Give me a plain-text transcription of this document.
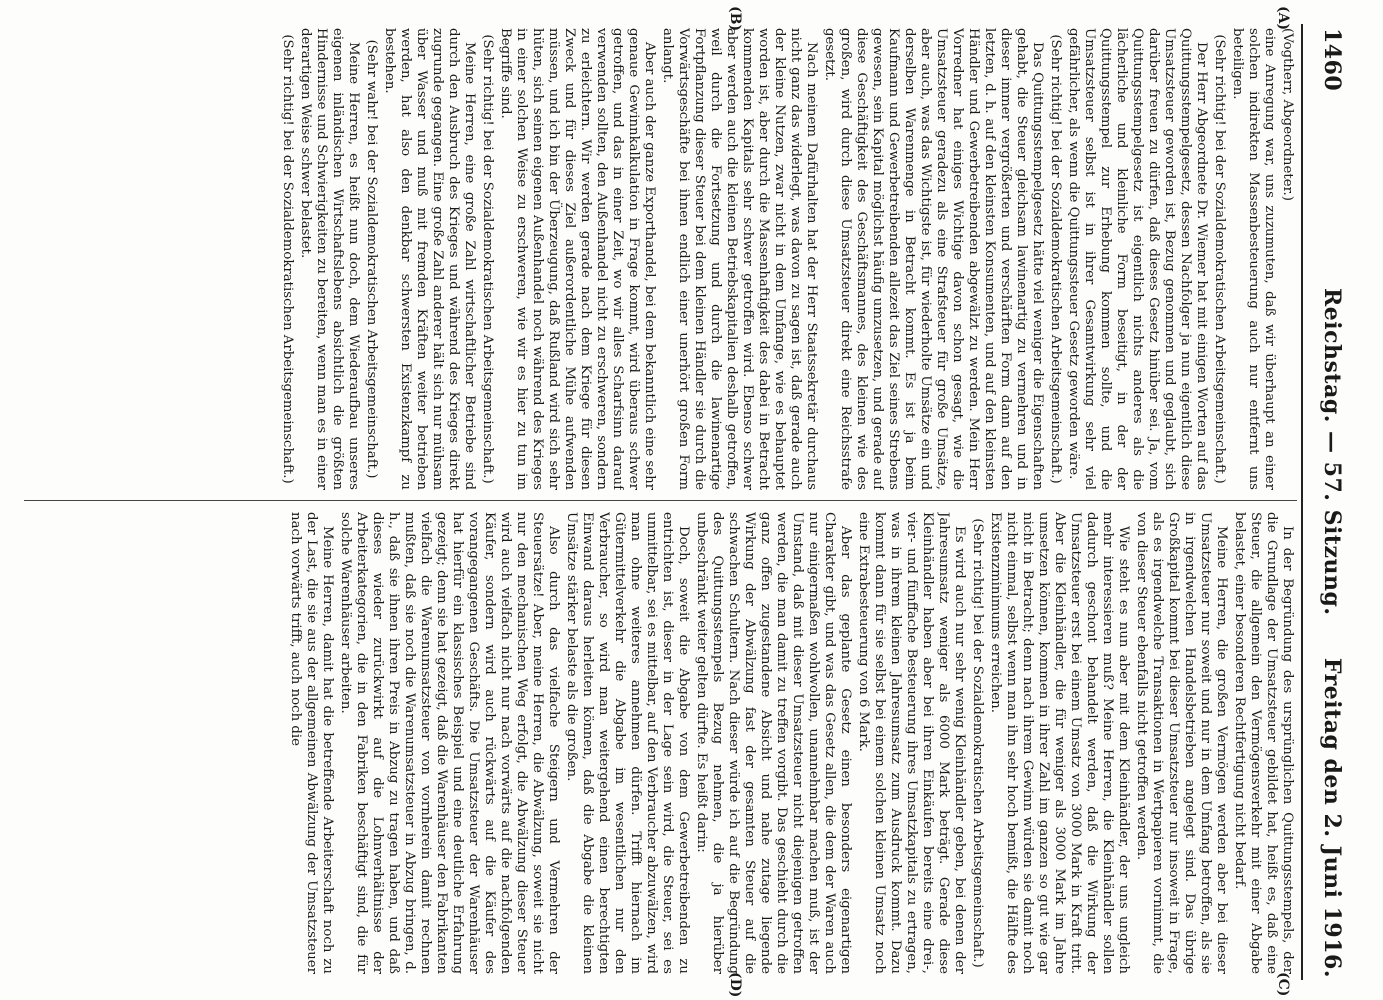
1460
Reichstag. — 57. Sitzung.
Freitag den 2. Juni 1916.
(A)
(B)
(C)
(D)

(Vogtherr, Abgeordneter.)

eine Anregung war, uns zuzumuten, daß wir überhaupt an einer solchen indirekten Massenbesteuerung auch nur entfernt uns beteiligen.

(Sehr richtig! bei der Sozialdemokratischen Arbeitsgemeinschaft.)

Der Herr Abgeordnete Dr. Wiemer hat mit einigen Worten auf das Quittungsstempelgesetz, dessen Nachfolger ja nun eigentlich diese Umsatzsteuer geworden ist, Bezug genommen und geglaubt, sich darüber freuen zu dürfen, daß dieses Gesetz hinüber sei. Ja, vom Quittungsstempelgesetz ist eigentlich nichts anderes als die lächerliche und kleinliche Form beseitigt, in der der Quittungsstempel zur Erhebung kommen sollte, und die Umsatzsteuer selbst ist in ihrer Gesamtwirkung sehr viel gefährlicher, als wenn die Quittungssteuer Gesetz geworden wäre.

(Sehr richtig! bei der Sozialdemokratischen Arbeitsgemeinschaft.)

Das Quittungsstempelgesetz hätte viel weniger die Eigenschaften gehabt, die Steuer gleichsam lawinenartig zu vermehren und in dieser immer vergrößerten und verschärften Form dann auf den letzten, d. h. auf den kleinsten Konsumenten, und auf den kleinsten Händler und Gewerbetreibenden abgewälzt zu werden. Mein Herr Vorredner hat einiges Wichtige davon schon gesagt, wie die Umsatzsteuer geradezu als eine Strafsteuer für große Umsätze, aber auch, was das Wichtigste ist, für wiederholte Umsätze ein und derselben Warenmenge in Betracht kommt. Es ist ja beim Kaufmann und Gewerbetreibenden allezeit das Ziel seines Strebens gewesen, sein Kapital möglichst häufig umzusetzen, und gerade auf diese Geschäftigkeit des Geschäftsmannes, des kleinen wie des großen, wird durch diese Umsatzsteuer direkt eine Reichsstrafe gesetzt.

Nach meinem Dafürhalten hat der Herr Staatssekretär durchaus nicht ganz das widerlegt, was davon zu sagen ist, daß gerade auch der kleine Nutzen, zwar nicht in dem Umfange, wie es behauptet worden ist, aber durch die Massenhaftigkeit des dabei in Betracht kommenden Kapitals sehr schwer getroffen wird. Ebenso schwer aber werden auch die kleinen Betriebskapitalien deshalb getroffen, weil durch die Fortsetzung und durch die lawinenartige Fortpflanzung dieser Steuer bei dem kleinen Händler sie durch die Vorwärtsgeschäfte bei ihnen endlich einer unerhört großen Form anlangt.

Aber auch der ganze Exporthandel, bei dem bekanntlich eine sehr genaue Gewinnkalkulation in Frage kommt, wird überaus schwer getroffen, und das in einer Zeit, wo wir alles Scharfsinn darauf verwenden sollten, den Außenhandel nicht zu erschweren, sondern zu erleichtern. Wir werden gerade nach dem Kriege für diesen Zweck und für dieses Ziel außerordentliche Mühe aufwenden müssen, und ich bin der Überzeugung, daß Rußland wird sich sehr hüten, sich seinen eigenen Außenhandel noch während des Krieges in einer solchen Weise zu erschweren, wie wir es hier zu tun im Begriffe sind.

(Sehr richtig! bei der Sozialdemokratischen Arbeitsgemeinschaft.)

Meine Herren, eine große Zahl wirtschaftlicher Betriebe sind durch den Ausbruch des Krieges und während des Krieges direkt zugrunde gegangen. Eine große Zahl anderer hält sich nur mühsam über Wasser und muß mit fremden Kräften weiter betrieben werden, hat also den denkbar schwersten Existenzkampf zu bestehen.

(Sehr wahr! bei der Sozialdemokratischen Arbeitsgemeinschaft.)

Meine Herren, es heißt nun doch, dem Wiederaufbau unseres eigenen inländischen Wirtschaftslebens absichtlich die größten Hindernisse und Schwierigkeiten zu bereiten, wenn man es in einer derartigen Weise schwer belastet.

(Sehr richtig! bei der Sozialdemokratischen Arbeitsgemeinschaft.)

In der Begründung des ursprünglichen Quittungsstempels, der die Grundlage der Umsatzsteuer gebildet hat, heißt es, daß eine Steuer, die allgemein den Vermögensverkehr mit einer Abgabe belastet, einer besonderen Rechtfertigung nicht bedarf.

Meine Herren, die großen Vermögen werden aber bei dieser Umsatzsteuer nur soweit und nur in dem Umfang betroffen, als sie in irgendwelchen Handelsbetrieben angelegt sind. Das übrige Großkapital kommt bei dieser Umsatzsteuer nur insoweit in Frage, als es irgendwelche Transaktionen in Wertpapieren vornimmt, die von dieser Steuer ebenfalls nicht getroffen werden.

Wie steht es nun aber mit dem Kleinhändler, der uns ungleich mehr interessieren muß? Meine Herren, die Kleinhändler sollen dadurch geschont behandelt werden, daß die Wirkung der Umsatzsteuer erst bei einem Umsatz von 3000 Mark in Kraft tritt. Aber die Kleinhändler, die für weniger als 3000 Mark im Jahre umsetzen können, kommen in ihrer Zahl im ganzen so gut wie gar nicht in Betracht; denn nach ihrem Gewinn würden sie damit noch nicht einmal, selbst wenn man ihn sehr hoch bemißt, die Hälfte des Existenzminimums erreichen.

(Sehr richtig! bei der Sozialdemokratischen Arbeitsgemeinschaft.)

Es wird auch nur sehr wenig Kleinhändler geben, bei denen der Jahresumsatz weniger als 6000 Mark beträgt. Gerade diese Kleinhändler haben aber bei ihren Einkäufen bereits eine drei-, vier- und fünffache Besteuerung ihres Umsatzkapitals zu ertragen, was in ihrem kleinen Jahresumsatz zum Ausdruck kommt. Dazu kommt dann für sie selbst bei einem solchen kleinen Umsatz noch eine Extrabesteuerung von 6 Mark.

Aber das geplante Gesetz einen besonders eigenartigen Charakter gibt, und was das Gesetz allen, die dem der Waren auch nur einigermaßen wohlwollen, unannehmbar machen muß, ist der Umstand, daß mit dieser Umsatzsteuer nicht diejenigen getroffen werden, die man damit zu treffen vorgibt. Das geschieht durch die ganz offen zugestandene Absicht und nahe zutage liegende Wirkung der Abwälzung fast der gesamten Steuer auf die schwachen Schultern. Nach dieser würde ich auf die Begründung des Quittungsstempels Bezug nehmen, die ja hierüber unbeschränkt weiter gelten dürfte. Es heißt darin:

Doch, soweit die Abgabe von dem Gewerbetreibenden zu entrichten ist, dieser in der Lage sein wird, die Steuer, sei es unmittelbar, sei es mittelbar, auf den Verbraucher abzuwälzen, wird man ohne weiteres annehmen dürfen. Trifft hiernach im Gütermittelverkehr die Abgabe im wesentlichen nur den Verbraucher, so wird man weitergehend einen berechtigten Einwand daraus herleiten können, daß die Abgabe die kleinen Umsätze stärker belaste als die großen.

Also durch das vielfache Steigern und Vermehren der Steuersätze! Aber, meine Herren, die Abwälzung, soweit sie nicht nur den mechanischen Weg erfolgt, die Abwälzung dieser Steuer wird auch vielfach nicht nur nach vorwärts auf die nachfolgenden Käufer, sondern wird auch rückwärts auf die Käufer des vorangegangenen Geschäfts. Die Umsatzsteuer der Warenhäuser hat hierfür ein klassisches Beispiel und eine deutliche Erfahrung gezeigt; denn sie hat gezeigt, daß die Warenhäuser den Fabrikanten vielfach die Warenumsatzsteuer von vornherein damit rechnen mußten, daß sie noch die Warenumsatzsteuer in Abzug bringen, d. h., daß sie ihnen ihren Preis in Abzug zu tragen haben, und daß dieses wieder zurückwirkt auf die Lohnverhältnisse der Arbeiterkategorien, die in den Fabriken beschäftigt sind, die für solche Warenhäuser arbeiten.

Meine Herren, damit hat die betreffende Arbeiterschaft noch zu der Last, die sie aus der allgemeinen Abwälzung der Umsatzsteuer nach vorwärts trifft, auch noch die
